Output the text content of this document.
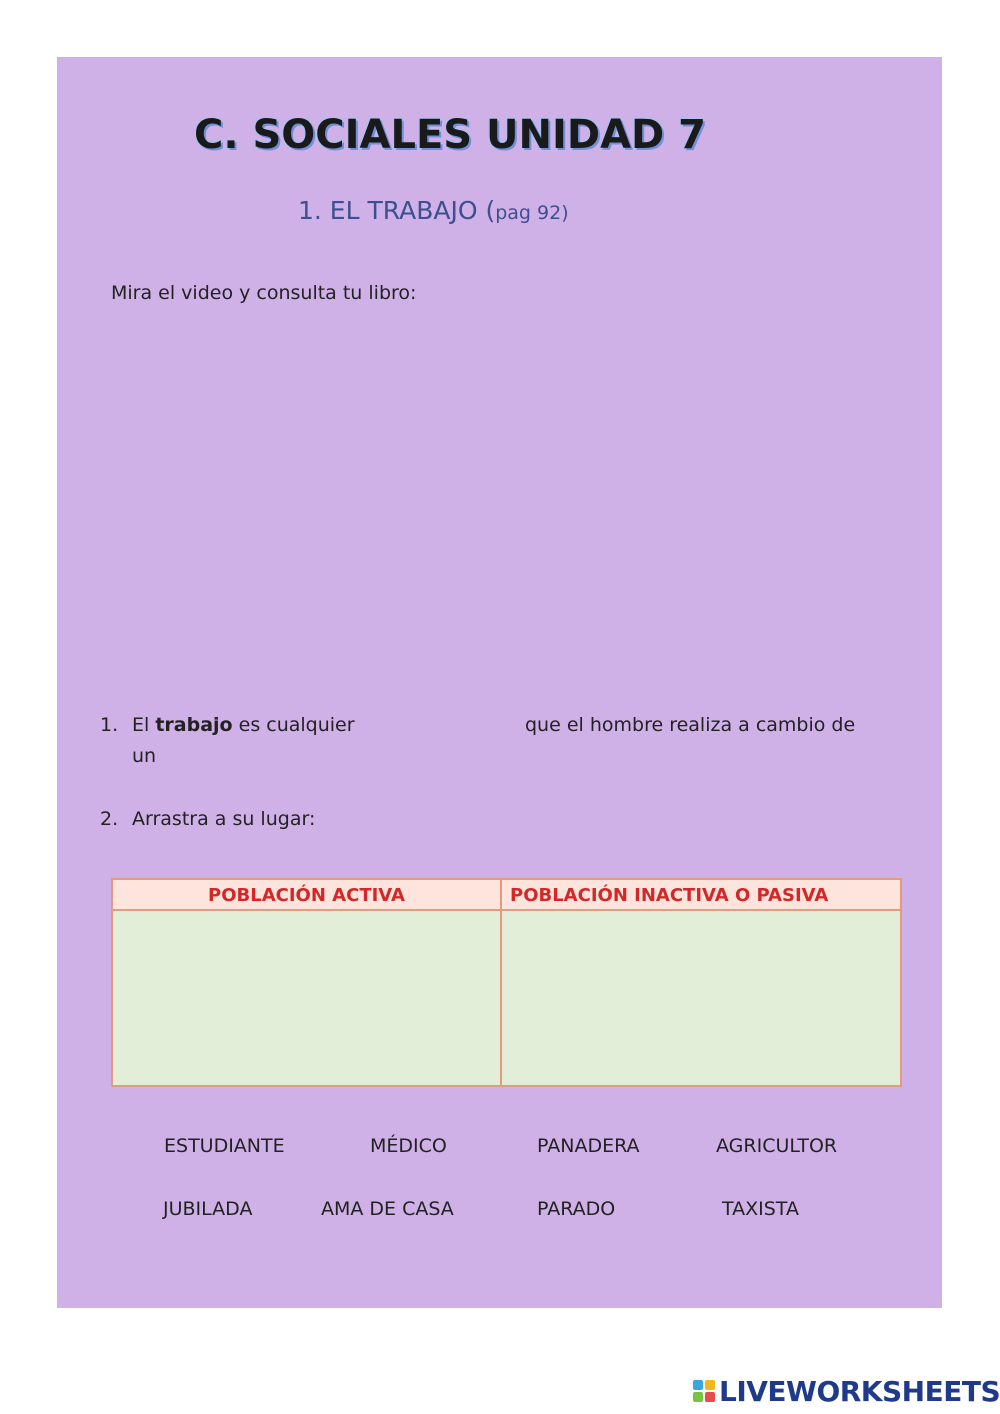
C. SOCIALES UNIDAD 7
1. EL TRABAJO (pag 92)
Mira el video y consulta tu libro:
1. El trabajo es cualquier	que el hombre realiza a cambio de
un
2. Arrastra a su lugar:
POBLACIÓN ACTIVA	POBLACIÓN INACTIVA O PASIVA
ESTUDIANTE	MÉDICO	PANADERA	AGRICULTOR
JUBILADA	AMA DE CASA	PARADO	TAXISTA
LIVEWORKSHEETS
